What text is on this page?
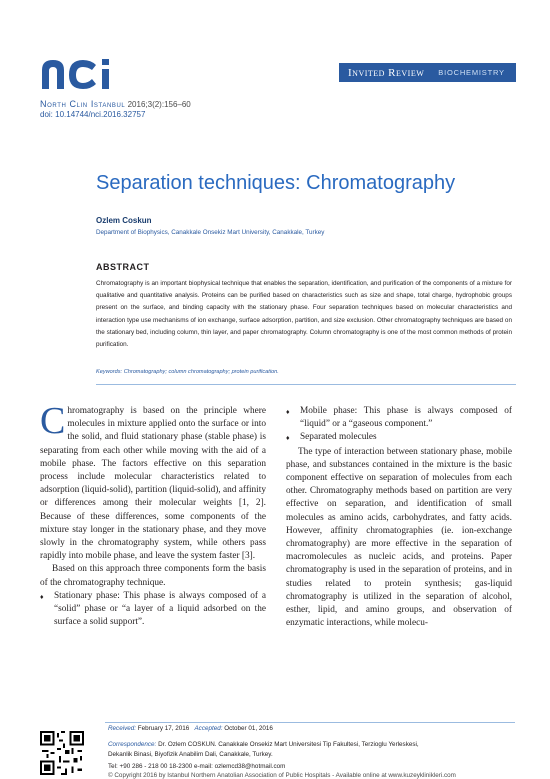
Invited Review BIOCHEMISTRY
North Clin Istanbul 2016;3(2):156–60
doi: 10.14744/nci.2016.32757
Separation techniques: Chromatography
Ozlem Coskun
Department of Biophysics, Canakkale Onsekiz Mart University, Canakkale, Turkey
ABSTRACT
Chromatography is an important biophysical technique that enables the separation, identification, and purification of the components of a mixture for qualitative and quantitative analysis. Proteins can be purified based on characteristics such as size and shape, total charge, hydrophobic groups present on the surface, and binding capacity with the stationary phase. Four separation techniques based on molecular characteristics and interaction type use mechanisms of ion exchange, surface adsorption, partition, and size exclusion. Other chromatography techniques are based on the stationary bed, including column, thin layer, and paper chromatography. Column chromatography is one of the most common methods of protein purification.
Keywords: Chromatography; column chromatography; protein purification.

Chromatography is based on the principle where molecules in mixture applied onto the surface or into the solid, and fluid stationary phase (stable phase) is separating from each other while moving with the aid of a mobile phase. The factors effective on this separation process include molecular characteristics related to adsorption (liquid-solid), partition (liquid-solid), and affinity or differences among their molecular weights [1, 2]. Because of these differences, some components of the mixture stay longer in the stationary phase, and they move slowly in the chromatography system, while others pass rapidly into mobile phase, and leave the system faster [3].

Based on this approach three components form the basis of the chromatography technique.

♦	Stationary phase: This phase is always composed of a “solid” phase or “a layer of a liquid adsorbed on the surface a solid support”.
♦	Mobile phase: This phase is always composed of “liquid” or a “gaseous component.”
♦	Separated molecules

The type of interaction between stationary phase, mobile phase, and substances contained in the mixture is the basic component effective on separation of molecules from each other. Chromatography methods based on partition are very effective on separation, and identification of small molecules as amino acids, carbohydrates, and fatty acids. However, affinity chromatographies (ie. ion-exchange chromatography) are more effective in the separation of macromolecules as nucleic acids, and proteins. Paper chromatography is used in the separation of proteins, and in studies related to protein synthesis; gas-liquid chromatography is utilized in the separation of alcohol, esther, lipid, and amino groups, and observation of enzymatic interactions, while molecu-

Received: February 17, 2016 Accepted: October 01, 2016
Correspondence: Dr. Ozlem COSKUN. Canakkale Onsekiz Mart Universitesi Tip Fakultesi, Terzioglu Yerleskesi,
Dekanlik Binasi, Biyofizik Anabilim Dali, Canakkale, Turkey.
Tel: +90 286 - 218 00 18-2300 e-mail: ozlemcd38@hotmail.com
© Copyright 2016 by Istanbul Northern Anatolian Association of Public Hospitals - Available online at www.kuzeyklinikleri.com
